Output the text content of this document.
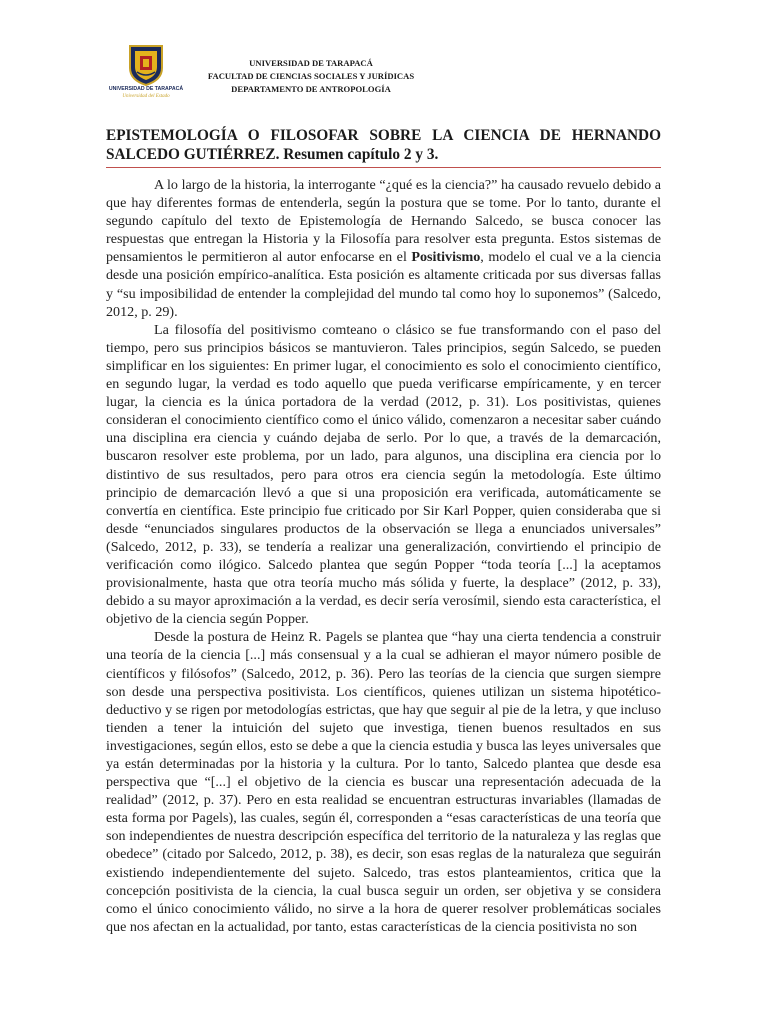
UNIVERSIDAD DE TARAPACÁ
Universidad del Estado
UNIVERSIDAD DE TARAPACÁ
FACULTAD DE CIENCIAS SOCIALES Y JURÍDICAS
DEPARTAMENTO DE ANTROPOLOGÍA
EPISTEMOLOGÍA O FILOSOFAR SOBRE LA CIENCIA DE HERNANDO SALCEDO GUTIÉRREZ. Resumen capítulo 2 y 3.

A lo largo de la historia, la interrogante “¿qué es la ciencia?” ha causado revuelo debido a que hay diferentes formas de entenderla, según la postura que se tome. Por lo tanto, durante el segundo capítulo del texto de Epistemología de Hernando Salcedo, se busca conocer las respuestas que entregan la Historia y la Filosofía para resolver esta pregunta. Estos sistemas de pensamientos le permitieron al autor enfocarse en el Positivismo, modelo el cual ve a la ciencia desde una posición empírico-analítica. Esta posición es altamente criticada por sus diversas fallas y “su imposibilidad de entender la complejidad del mundo tal como hoy lo suponemos” (Salcedo, 2012, p. 29).

La filosofía del positivismo comteano o clásico se fue transformando con el paso del tiempo, pero sus principios básicos se mantuvieron. Tales principios, según Salcedo, se pueden simplificar en los siguientes: En primer lugar, el conocimiento es solo el conocimiento científico, en segundo lugar, la verdad es todo aquello que pueda verificarse empíricamente, y en tercer lugar, la ciencia es la única portadora de la verdad (2012, p. 31). Los positivistas, quienes consideran el conocimiento científico como el único válido, comenzaron a necesitar saber cuándo una disciplina era ciencia y cuándo dejaba de serlo. Por lo que, a través de la demarcación, buscaron resolver este problema, por un lado, para algunos, una disciplina era ciencia por lo distintivo de sus resultados, pero para otros era ciencia según la metodología. Este último principio de demarcación llevó a que si una proposición era verificada, automáticamente se convertía en científica. Este principio fue criticado por Sir Karl Popper, quien consideraba que si desde “enunciados singulares productos de la observación se llega a enunciados universales” (Salcedo, 2012, p. 33), se tendería a realizar una generalización, convirtiendo el principio de verificación como ilógico. Salcedo plantea que según Popper “toda teoría [...] la aceptamos provisionalmente, hasta que otra teoría mucho más sólida y fuerte, la desplace” (2012, p. 33), debido a su mayor aproximación a la verdad, es decir sería verosímil, siendo esta característica, el objetivo de la ciencia según Popper.

Desde la postura de Heinz R. Pagels se plantea que “hay una cierta tendencia a construir una teoría de la ciencia [...] más consensual y a la cual se adhieran el mayor número posible de científicos y filósofos” (Salcedo, 2012, p. 36). Pero las teorías de la ciencia que surgen siempre son desde una perspectiva positivista. Los científicos, quienes utilizan un sistema hipotético-deductivo y se rigen por metodologías estrictas, que hay que seguir al pie de la letra, y que incluso tienden a tener la intuición del sujeto que investiga, tienen buenos resultados en sus investigaciones, según ellos, esto se debe a que la ciencia estudia y busca las leyes universales que ya están determinadas por la historia y la cultura. Por lo tanto, Salcedo plantea que desde esa perspectiva que “[...] el objetivo de la ciencia es buscar una representación adecuada de la realidad” (2012, p. 37). Pero en esta realidad se encuentran estructuras invariables (llamadas de esta forma por Pagels), las cuales, según él, corresponden a “esas características de una teoría que son independientes de nuestra descripción específica del territorio de la naturaleza y las reglas que obedece” (citado por Salcedo, 2012, p. 38), es decir, son esas reglas de la naturaleza que seguirán existiendo independientemente del sujeto. Salcedo, tras estos planteamientos, critica que la concepción positivista de la ciencia, la cual busca seguir un orden, ser objetiva y se considera como el único conocimiento válido, no sirve a la hora de querer resolver problemáticas sociales que nos afectan en la actualidad, por tanto, estas características de la ciencia positivista no son
